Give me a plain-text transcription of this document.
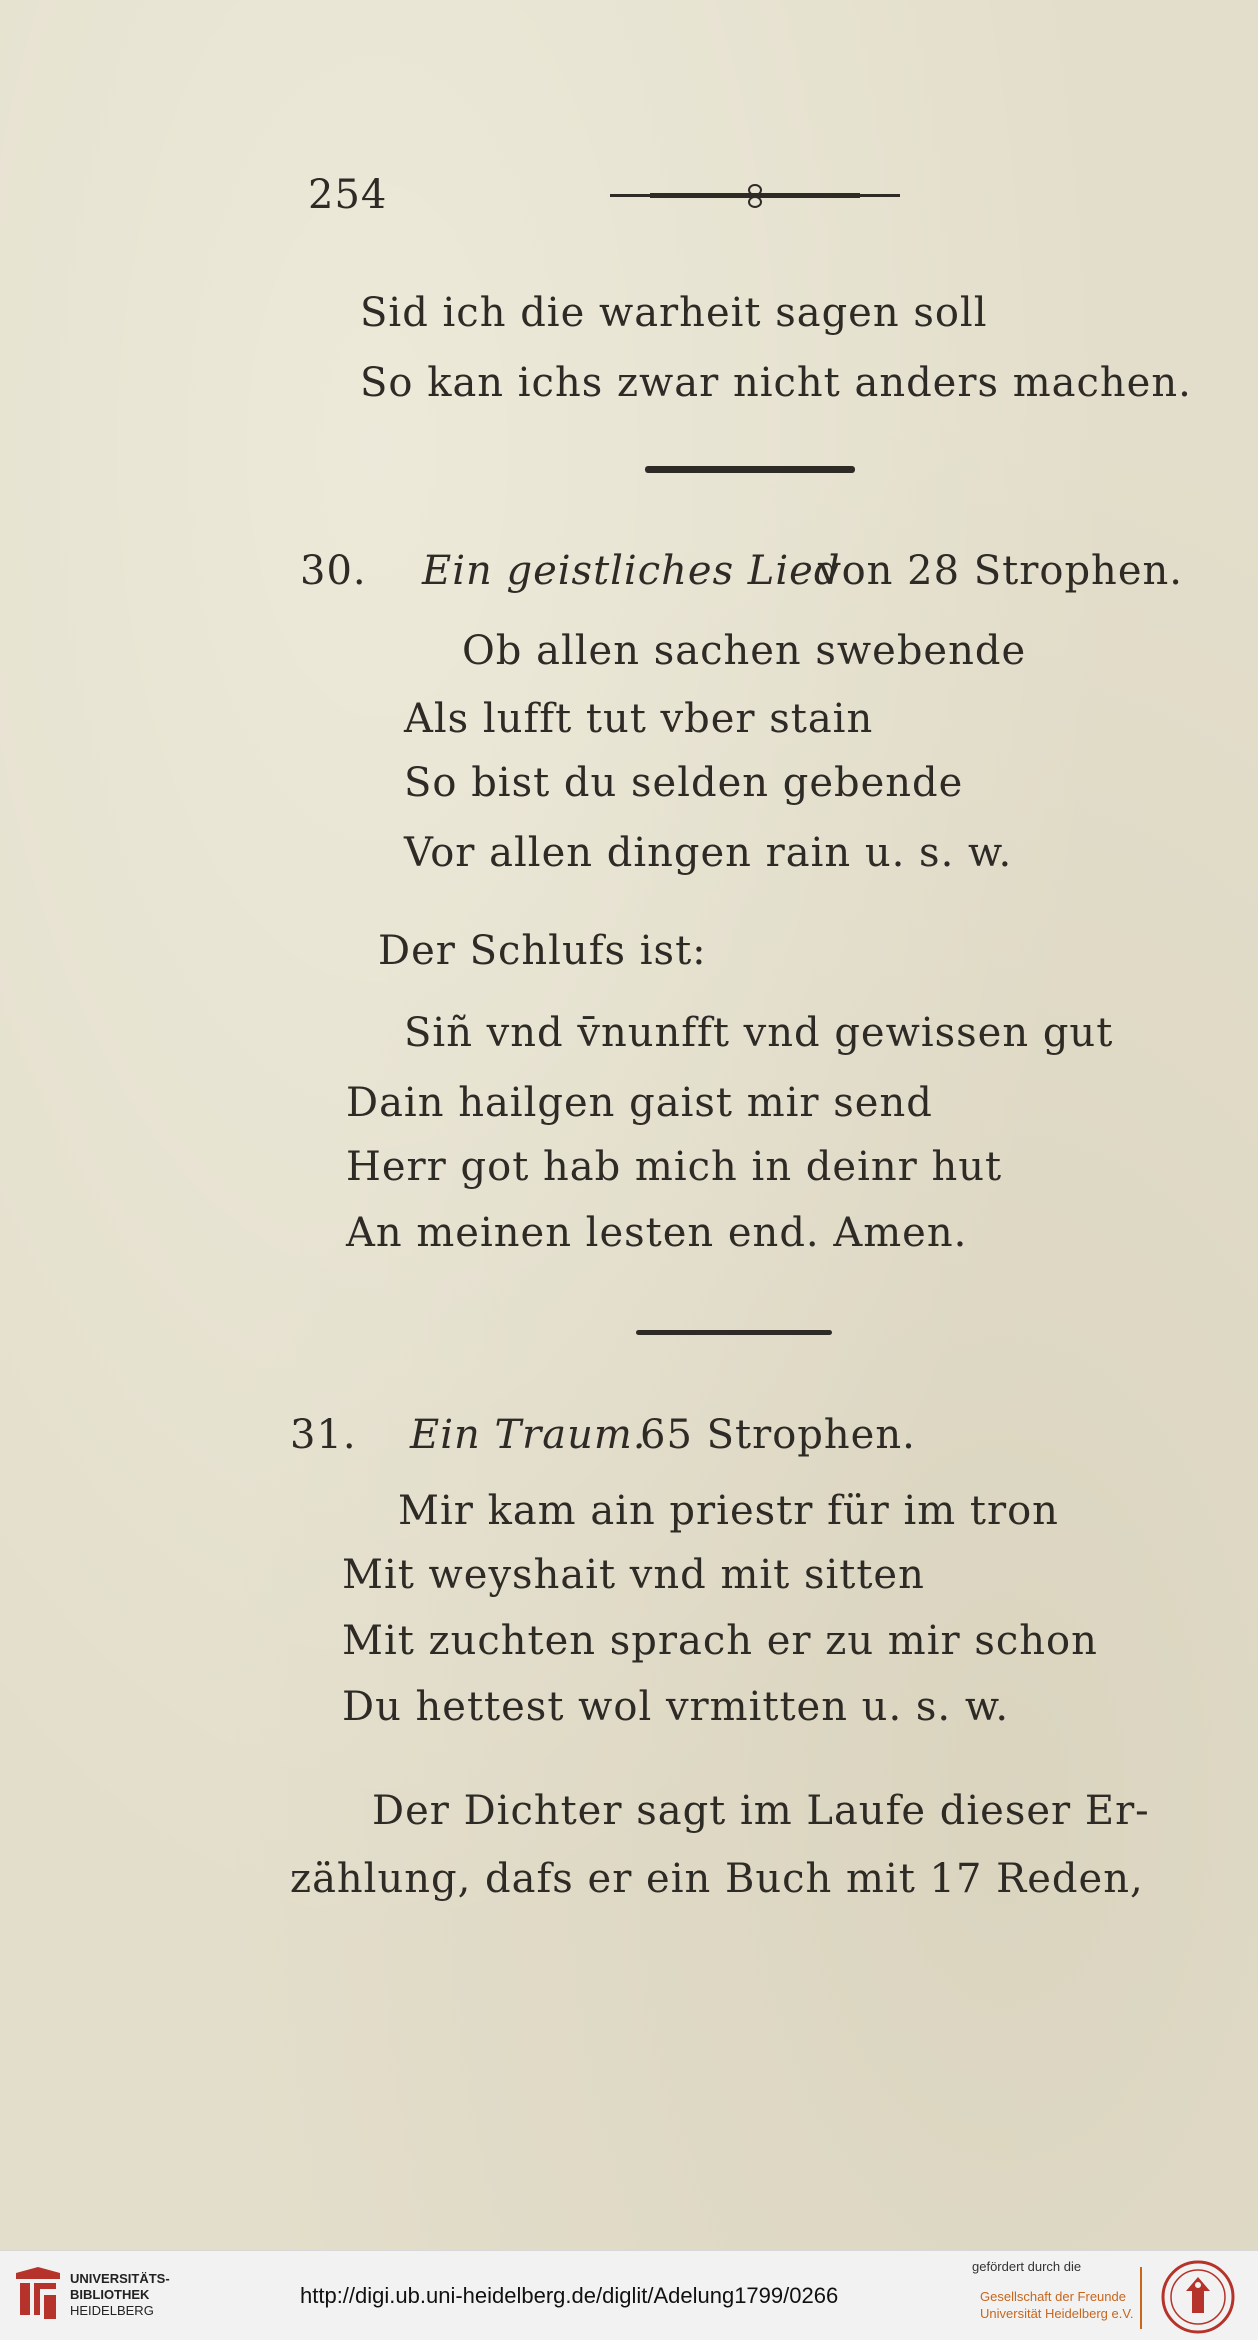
254
Sid ich die warheit sagen soll
So kan ichs zwar nicht anders machen.
30. Ein geistliches Lied
von 28 Strophen.
Ob allen sachen swebende
Als lufft tut vber stain
So bist du selden gebende
Vor allen dingen rain u. s. w.
Der Schlufs ist:
Siñ vnd v̄nunfft vnd gewissen gut
Dain hailgen gaist mir send
Herr got hab mich in deinr hut
An meinen lesten end. Amen.
31. Ein Traum.
65 Strophen.
Mir kam ain priestr für im tron
Mit weyshait vnd mit sitten
Mit zuchten sprach er zu mir schon
Du hettest wol vrmitten u. s. w.
Der Dichter sagt im Laufe dieser Er-
zählung, dafs er ein Buch mit 17 Reden,
UNIVERSITÄTS-
BIBLIOTHEK
HEIDELBERG
http://digi.ub.uni-heidelberg.de/diglit/Adelung1799/0266
gefördert durch die
Gesellschaft der Freunde
Universität Heidelberg e.V.
